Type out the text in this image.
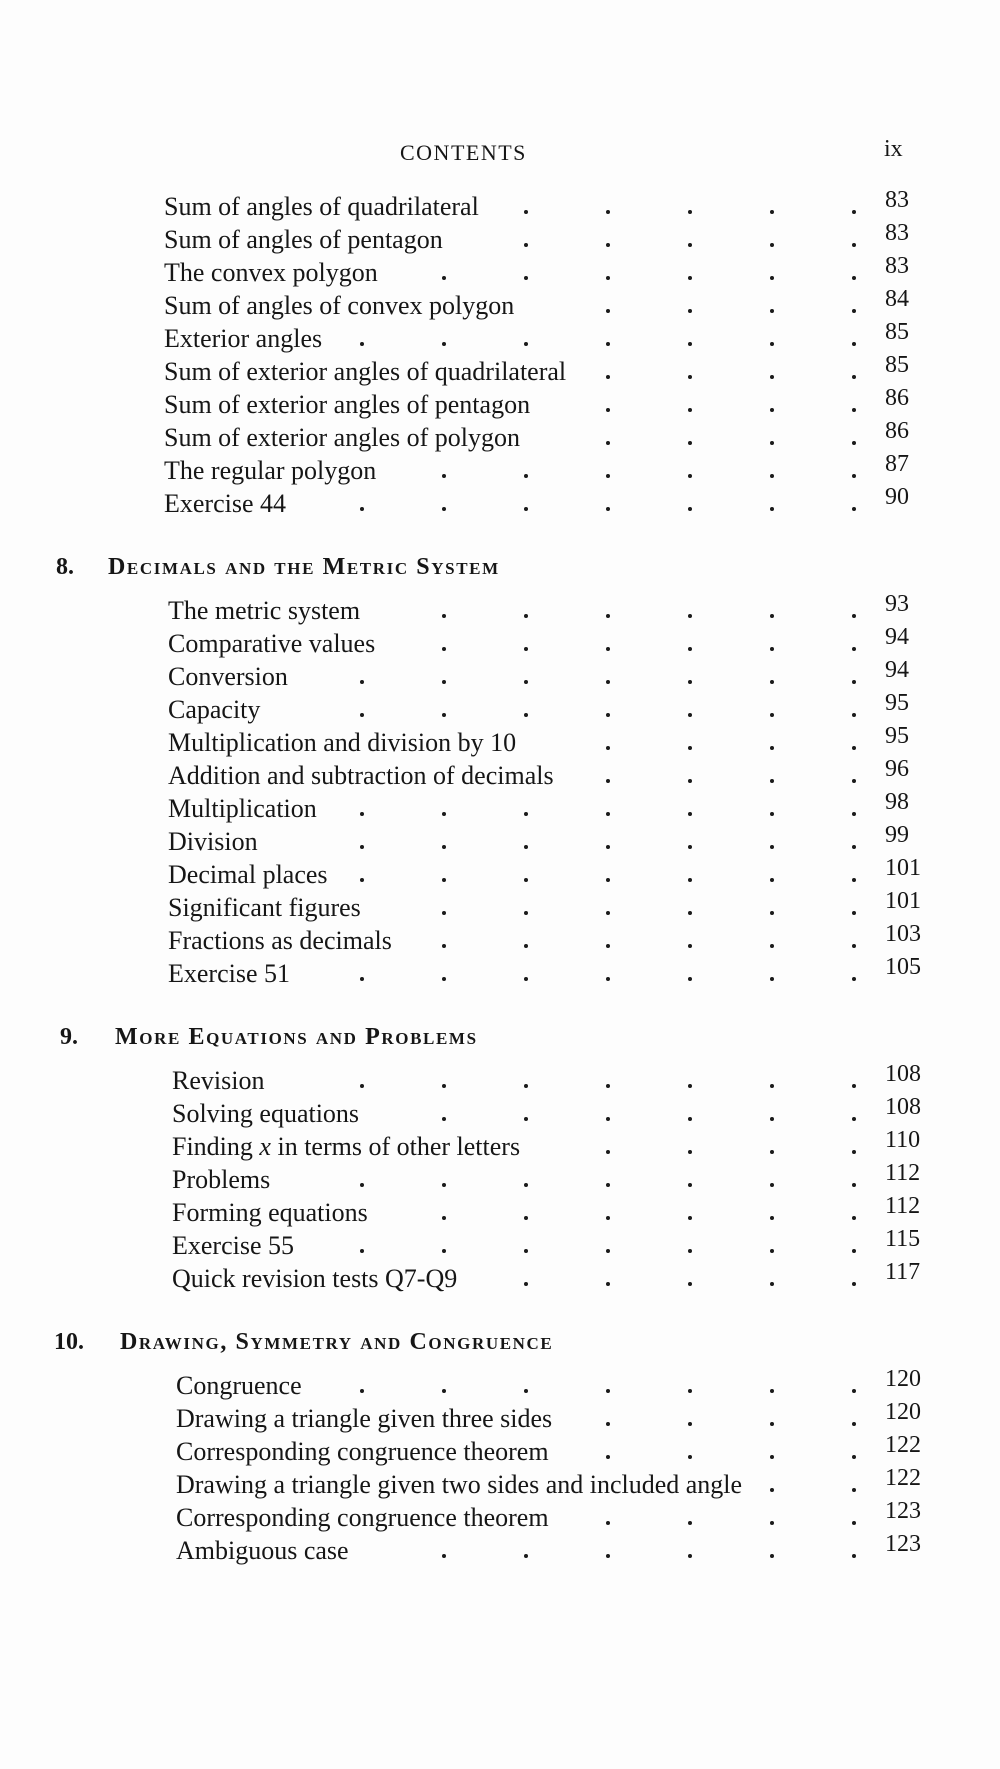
CONTENTS	ix
Sum of angles of quadrilateral	83
Sum of angles of pentagon	83
The convex polygon	83
Sum of angles of convex polygon	84
Exterior angles	85
Sum of exterior angles of quadrilateral	85
Sum of exterior angles of pentagon	86
Sum of exterior angles of polygon	86
The regular polygon	87
Exercise 44	90
8. Decimals and the Metric System
The metric system	93
Comparative values	94
Conversion	94
Capacity	95
Multiplication and division by 10	95
Addition and subtraction of decimals	96
Multiplication	98
Division	99
Decimal places	101
Significant figures	101
Fractions as decimals	103
Exercise 51	105
9. More Equations and Problems
Revision	108
Solving equations	108
Finding x in terms of other letters	110
Problems	112
Forming equations	112
Exercise 55	115
Quick revision tests Q7-Q9	117
10. Drawing, Symmetry and Congruence
Congruence	120
Drawing a triangle given three sides	120
Corresponding congruence theorem	122
Drawing a triangle given two sides and included angle	122
Corresponding congruence theorem	123
Ambiguous case	123
